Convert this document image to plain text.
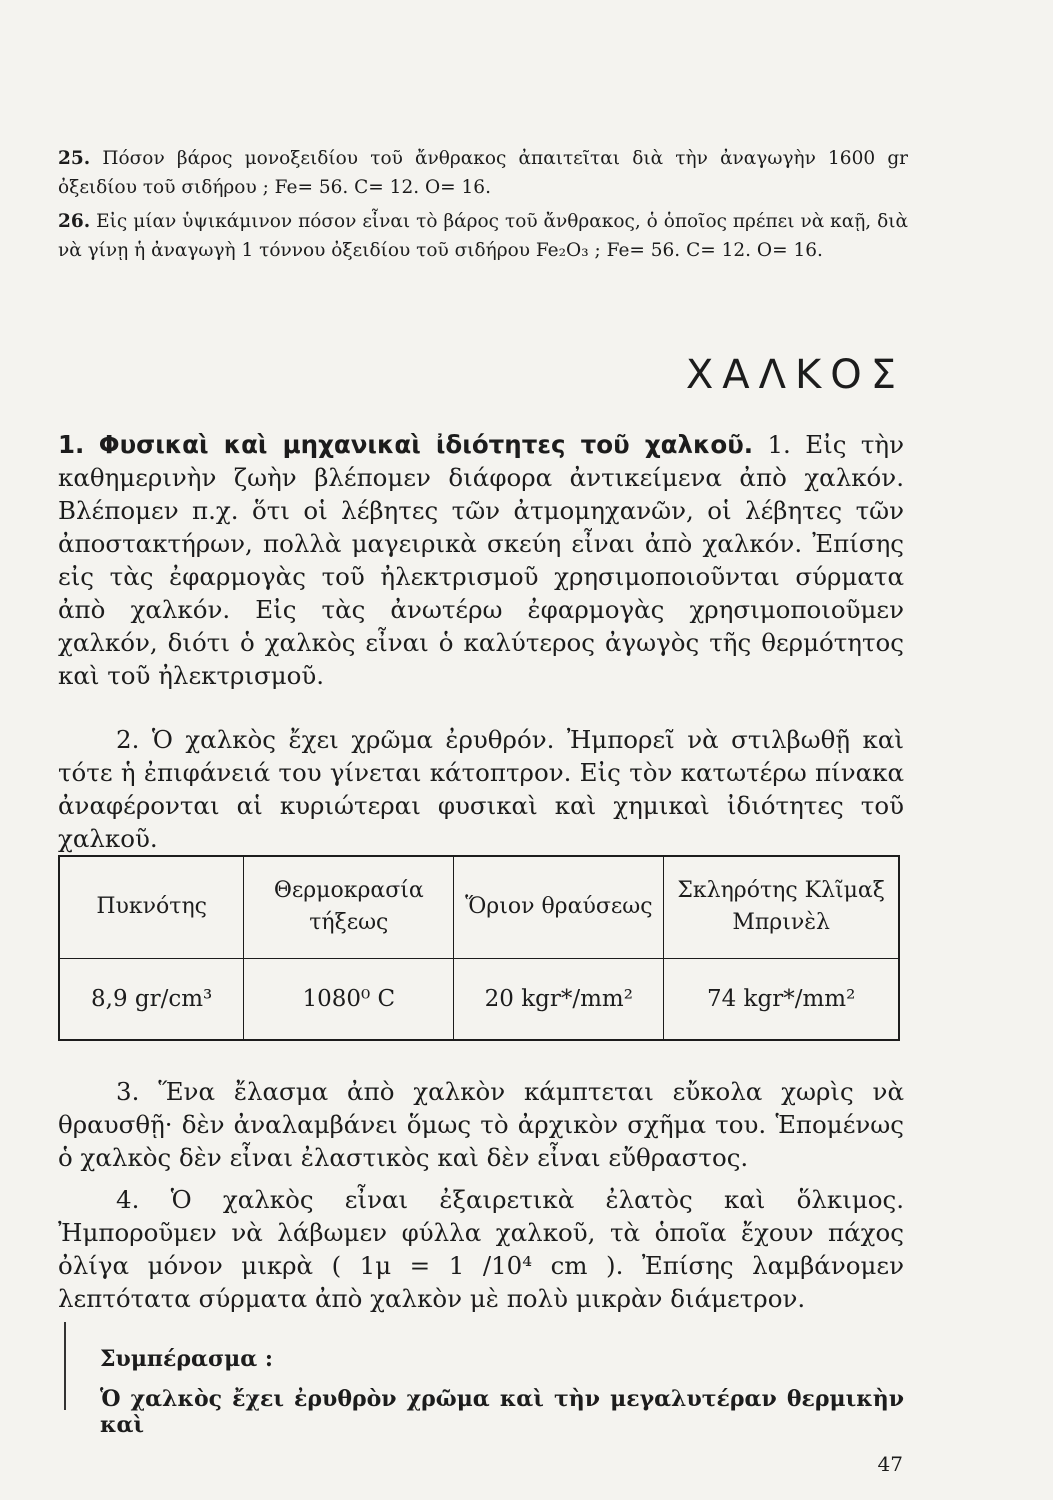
25. Πόσον βάρος μονοξειδίου τοῦ ἄνθρακος ἀπαιτεῖται διὰ τὴν ἀναγωγὴν 1600 gr ὀξειδίου τοῦ σιδήρου ; Fe= 56. C= 12. O= 16.

26. Εἰς μίαν ὑψικάμινον πόσον εἶναι τὸ βάρος τοῦ ἄνθρακος, ὁ ὁποῖος πρέπει νὰ καῇ, διὰ νὰ γίνῃ ἡ ἀναγωγὴ 1 τόννου ὀξειδίου τοῦ σιδήρου Fe₂O₃ ; Fe= 56. C= 12. O= 16.

ΧΑΛΚΟΣ

1. Φυσικαὶ καὶ μηχανικαὶ ἰδιότητες τοῦ χαλκοῦ. 1. Εἰς τὴν καθημερινὴν ζωὴν βλέπομεν διάφορα ἀντικείμενα ἀπὸ χαλκόν. Βλέπομεν π.χ. ὅτι οἱ λέβητες τῶν ἀτμομηχανῶν, οἱ λέβητες τῶν ἀποστακτήρων, πολλὰ μαγειρικὰ σκεύη εἶναι ἀπὸ χαλκόν. Ἐπίσης εἰς τὰς ἐφαρμογὰς τοῦ ἠλεκτρισμοῦ χρησιμοποιοῦνται σύρματα ἀπὸ χαλκόν. Εἰς τὰς ἀνωτέρω ἐφαρμογὰς χρησιμοποιοῦμεν χαλκόν, διότι ὁ χαλκὸς εἶναι ὁ καλύτερος ἀγωγὸς τῆς θερμότητος καὶ τοῦ ἠλεκτρισμοῦ.

2. Ὁ χαλκὸς ἔχει χρῶμα ἐρυθρόν. Ἠμπορεῖ νὰ στιλβωθῇ καὶ τότε ἡ ἐπιφάνειά του γίνεται κάτοπτρον. Εἰς τὸν κατωτέρω πίνακα ἀναφέρονται αἱ κυριώτεραι φυσικαὶ καὶ χημικαὶ ἰδιότητες τοῦ χαλκοῦ.

Πυκνότης	Θερμοκρασία τήξεως	Ὅριον θραύσεως	Σκληρότης Κλῖμαξ Μπρινὲλ
8,9 gr/cm³	1080⁰ C	20 kgr*/mm²	74 kgr*/mm²

3. Ἕνα ἔλασμα ἀπὸ χαλκὸν κάμπτεται εὔκολα χωρὶς νὰ θραυσθῇ· δὲν ἀναλαμβάνει ὅμως τὸ ἀρχικὸν σχῆμα του. Ἑπομένως ὁ χαλκὸς δὲν εἶναι ἐλαστικὸς καὶ δὲν εἶναι εὔθραστος.

4. Ὁ χαλκὸς εἶναι ἐξαιρετικὰ ἐλατὸς καὶ ὅλκιμος. Ἠμποροῦμεν νὰ λάβωμεν φύλλα χαλκοῦ, τὰ ὁποῖα ἔχουν πάχος ὀλίγα μόνον μικρὰ ( 1μ = 1 /10⁴ cm ). Ἐπίσης λαμβάνομεν λεπτότατα σύρματα ἀπὸ χαλκὸν μὲ πολὺ μικρὰν διάμετρον.

Συμπέρασμα :

Ὁ χαλκὸς ἔχει ἐρυθρὸν χρῶμα καὶ τὴν μεγαλυτέραν θερμικὴν καὶ

47
